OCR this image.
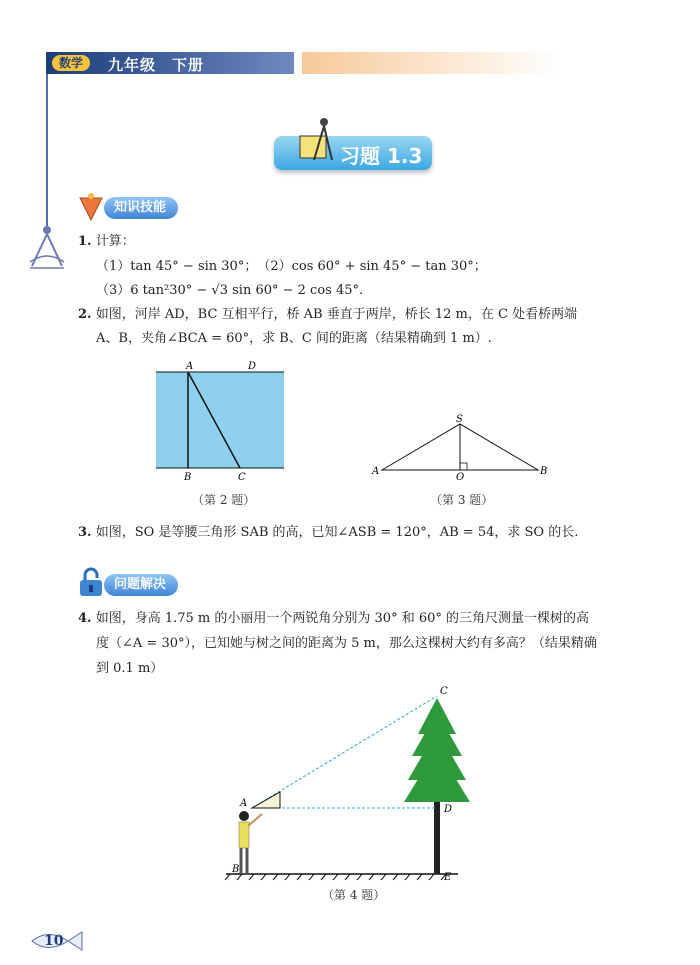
数学	九年级　下册
习题 1.3
知识技能
1. 计算：
（1）tan 45° − sin 30°；　（2）cos 60° + sin 45° − tan 30°；
（3）6 tan²30° − √3 sin 60° − 2 cos 45°.
2. 如图，河岸 AD，BC 互相平行，桥 AB 垂直于两岸，桥长 12 m，在 C 处看桥两端
A、B，夹角∠BCA = 60°，求 B、C 间的距离（结果精确到 1 m）.
A	D
B	C
（第 2 题）
S
A
O
B
（第 3 题）
3. 如图，SO 是等腰三角形 SAB 的高，已知∠ASB = 120°，AB = 54，求 SO 的长.
问题解决
4. 如图，身高 1.75 m 的小丽用一个两锐角分别为 30° 和 60° 的三角尺测量一棵树的高
度（∠A = 30°），已知她与树之间的距离为 5 m，那么这棵树大约有多高？（结果精确
到 0.1 m）
C
A
D
B
E
（第 4 题）
10
